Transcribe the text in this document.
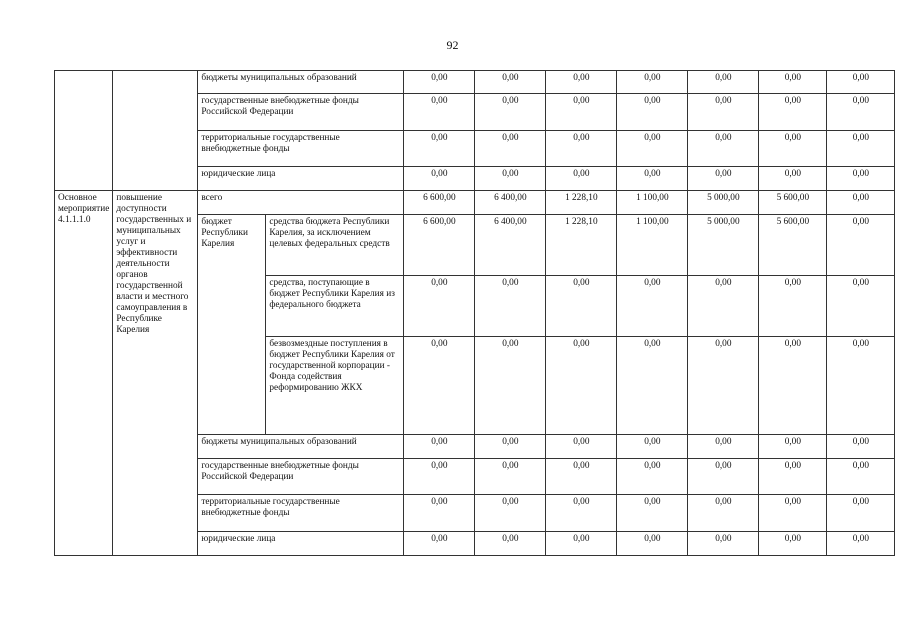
92
		бюджеты муниципальных образований		0,00	0,00	0,00	0,00	0,00	0,00	0,00
		государственные внебюджетные фонды Российской Федерации		0,00	0,00	0,00	0,00	0,00	0,00	0,00
		территориальные государственные внебюджетные фонды		0,00	0,00	0,00	0,00	0,00	0,00	0,00
		юридические лица		0,00	0,00	0,00	0,00	0,00	0,00	0,00
Основное мероприятие 4.1.1.1.0	повышение доступности государственных и муниципальных услуг и эффективности деятельности органов государственной власти и местного самоуправления в Республике Карелия	всего		6 600,00	6 400,00	1 228,10	1 100,00	5 000,00	5 600,00	0,00
		бюджет Республики Карелия	средства бюджета Республики Карелия, за исключением целевых федеральных средств	6 600,00	6 400,00	1 228,10	1 100,00	5 000,00	5 600,00	0,00
			средства, поступающие в бюджет Республики Карелия из федерального бюджета	0,00	0,00	0,00	0,00	0,00	0,00	0,00
			безвозмездные поступления в бюджет Республики Карелия от государственной корпорации - Фонда содействия реформированию ЖКХ	0,00	0,00	0,00	0,00	0,00	0,00	0,00
		бюджеты муниципальных образований		0,00	0,00	0,00	0,00	0,00	0,00	0,00
		государственные внебюджетные фонды Российской Федерации		0,00	0,00	0,00	0,00	0,00	0,00	0,00
		территориальные государственные внебюджетные фонды		0,00	0,00	0,00	0,00	0,00	0,00	0,00
		юридические лица		0,00	0,00	0,00	0,00	0,00	0,00	0,00
